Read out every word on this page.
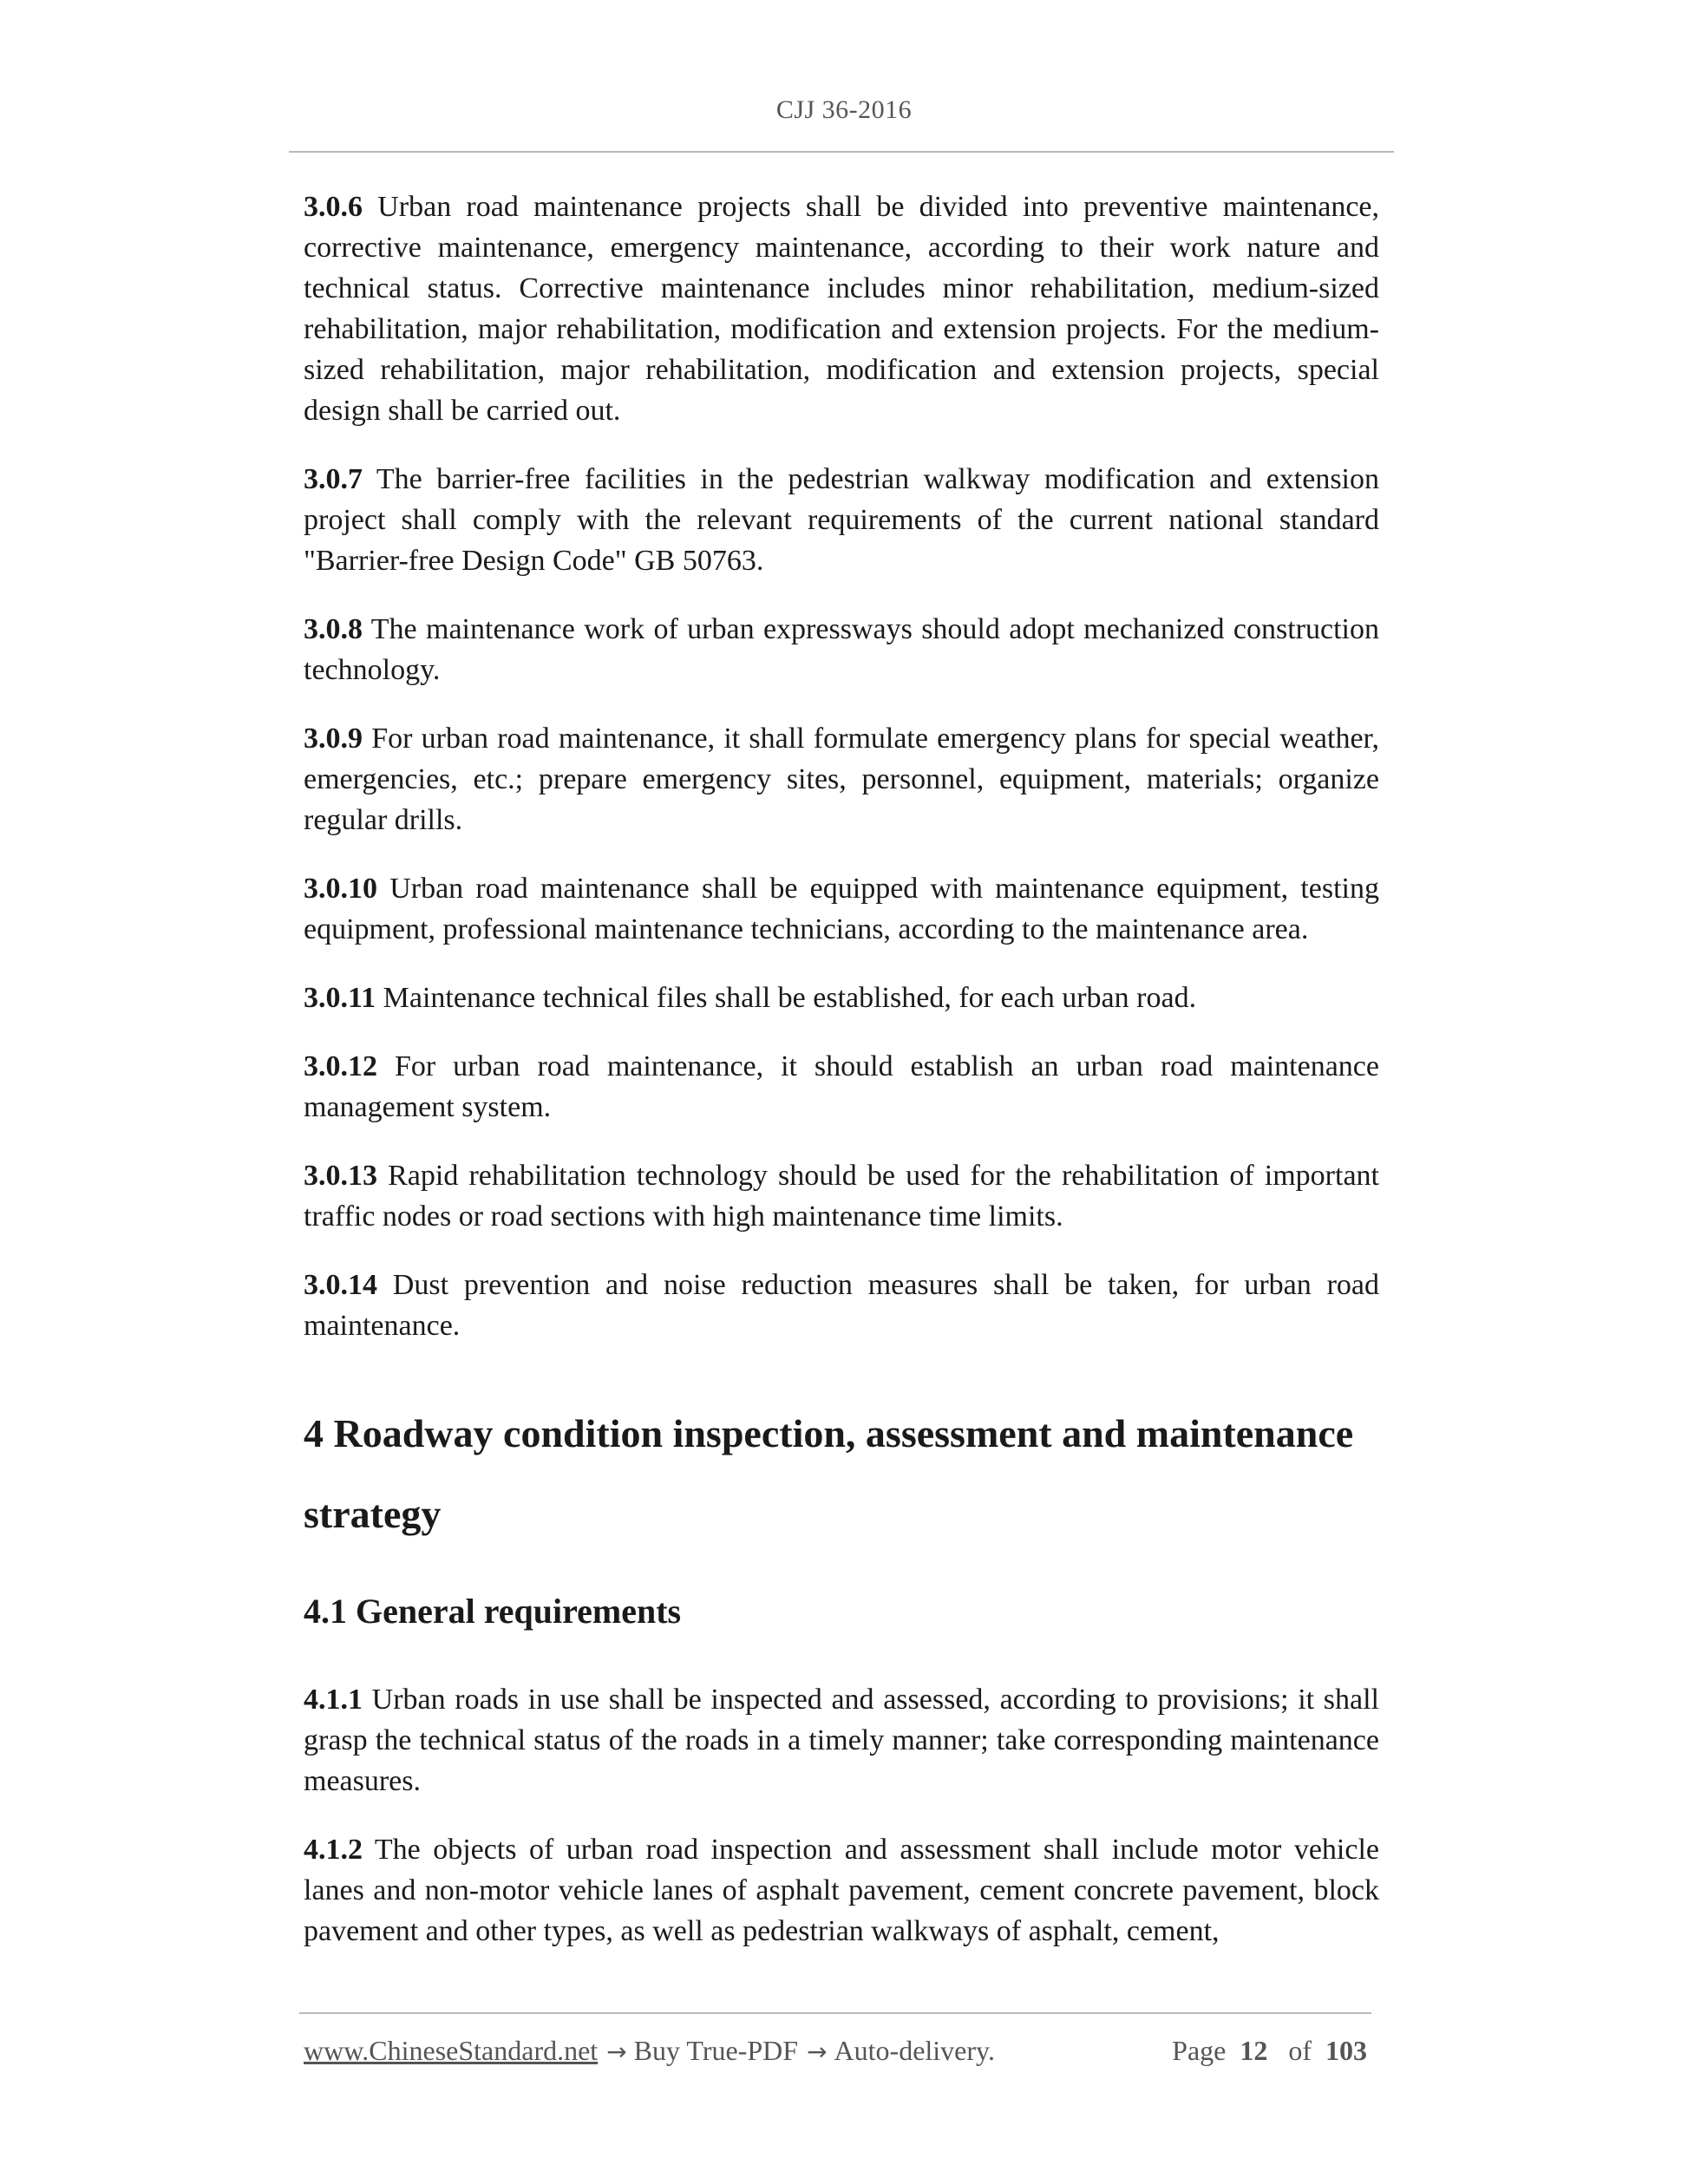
CJJ 36-2016

3.0.6 Urban road maintenance projects shall be divided into preventive maintenance, corrective maintenance, emergency maintenance, according to their work nature and technical status. Corrective maintenance includes minor rehabilitation, medium-sized rehabilitation, major rehabilitation, modification and extension projects. For the medium-sized rehabilitation, major rehabilitation, modification and extension projects, special design shall be carried out.

3.0.7 The barrier-free facilities in the pedestrian walkway modification and extension project shall comply with the relevant requirements of the current national standard "Barrier-free Design Code" GB 50763.

3.0.8 The maintenance work of urban expressways should adopt mechanized construction technology.

3.0.9 For urban road maintenance, it shall formulate emergency plans for special weather, emergencies, etc.; prepare emergency sites, personnel, equipment, materials; organize regular drills.

3.0.10 Urban road maintenance shall be equipped with maintenance equipment, testing equipment, professional maintenance technicians, according to the maintenance area.

3.0.11 Maintenance technical files shall be established, for each urban road.

3.0.12 For urban road maintenance, it should establish an urban road maintenance management system.

3.0.13 Rapid rehabilitation technology should be used for the rehabilitation of important traffic nodes or road sections with high maintenance time limits.

3.0.14 Dust prevention and noise reduction measures shall be taken, for urban road maintenance.

4 Roadway condition inspection, assessment and maintenance strategy
4.1 General requirements

4.1.1 Urban roads in use shall be inspected and assessed, according to provisions; it shall grasp the technical status of the roads in a timely manner; take corresponding maintenance measures.

4.1.2 The objects of urban road inspection and assessment shall include motor vehicle lanes and non-motor vehicle lanes of asphalt pavement, cement concrete pavement, block pavement and other types, as well as pedestrian walkways of asphalt, cement,

www.ChineseStandard.net → Buy True-PDF → Auto-delivery.	Page 12 of 103
